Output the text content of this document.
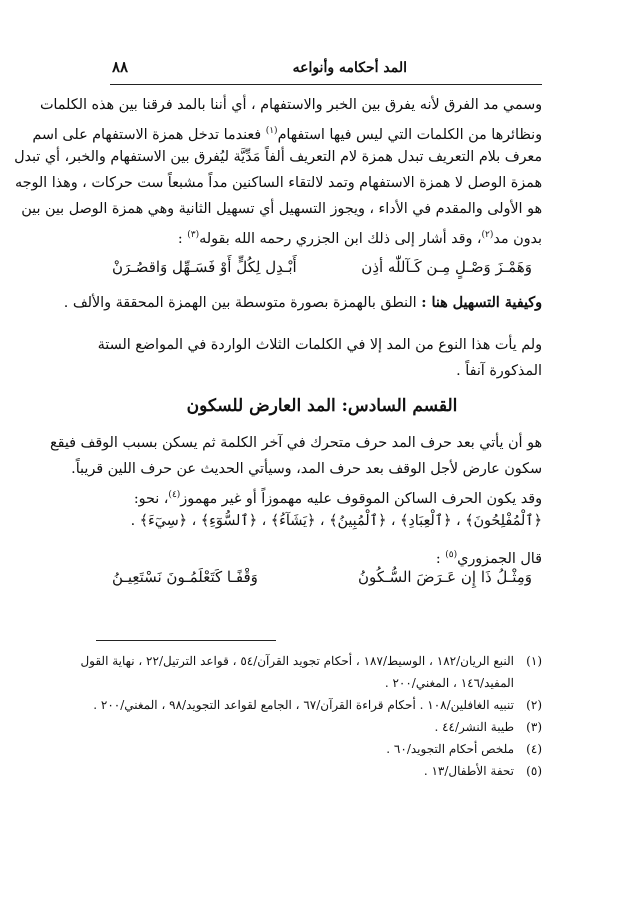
المد أحكامه وأنواعه
٨٨
وسمي مد الفرق لأنه يفرق بين الخبر والاستفهام ، أي أننا بالمد فرقنا بين هذه الكلمات
ونظائرها من الكلمات التي ليس فيها استفهام$^{(١)}$ فعندما تدخل همزة الاستفهام على اسم
معرف بلام التعريف تبدل همزة لام التعريف ألفاً مَدِّيَّة ليُفرق بين الاستفهام والخبر، أي تبدل
همزة الوصل لا همزة الاستفهام وتمد لالتقاء الساكنين مداً مشبعاً ست حركات ، وهذا الوجه
هو الأولى والمقدم في الأداء ، ويجوز التسهيل أي تسهيل الثانية وهي همزة الوصل بين بين
بدون مد$^{(٢)}$، وقد أشار إلى ذلك ابن الجزري رحمه الله بقوله$^{(٣)}$ :
وَهَمْـزَ وَصْـلٍ مِـن كَـآللّٰه أذِن
أَبْـدِل لِكُلٍّ أَوْ فَسَـهِّل وَاقصُـرَنْ
وكيفية التسهيل هنا : النطق بالهمزة بصورة متوسطة بين الهمزة المحققة والألف .
ولم يأت هذا النوع من المد إلا في الكلمات الثلاث الواردة في المواضع الستة
المذكورة آنفاً .
القسم السادس: المد العارض للسكون
هو أن يأتي بعد حرف المد حرف متحرك في آخر الكلمة ثم يسكن بسبب الوقف فيقع
سكون عارض لأجل الوقف بعد حرف المد، وسيأتي الحديث عن حرف اللين قريباً.
وقد يكون الحرف الساكن الموقوف عليه مهموزاً أو غير مهموز$^{(٤)}$، نحو:
﴿ٱلْمُفْلِحُونَ﴾ ، ﴿ٱلْعِبَادِ﴾ ، ﴿ٱلْمُبِينُ﴾ ، ﴿يَشَآءُ﴾ ، ﴿ٱلسُّوٓءِ﴾ ، ﴿سِيٓءَ﴾ .
قال الجمزوري$^{(٥)}$ :
وَمِثْـلُ ذَا إِن عَـرَضَ السُّـكُونُ
وَقْفًـا كَتَعْلَمُـونَ نَسْتَعِيـنُ
(١)
النبع الريان/١٨٢ ، الوسيط/١٨٧ ، أحكام تجويد القرآن/٥٤ ، قواعد الترتيل/٢٢ ، نهاية القول
المفيد/١٤٦ ، المغني/٢٠٠ .
(٢)
تنبيه الغافلين/١٠٨ . أحكام قراءة القرآن/٦٧ ، الجامع لقواعد التجويد/٩٨ ، المغني/٢٠٠ .
(٣)
طيبة النشر/٤٤ .
(٤)
ملخص أحكام التجويد/٦٠ .
(٥)
تحفة الأطفال/١٣ .
